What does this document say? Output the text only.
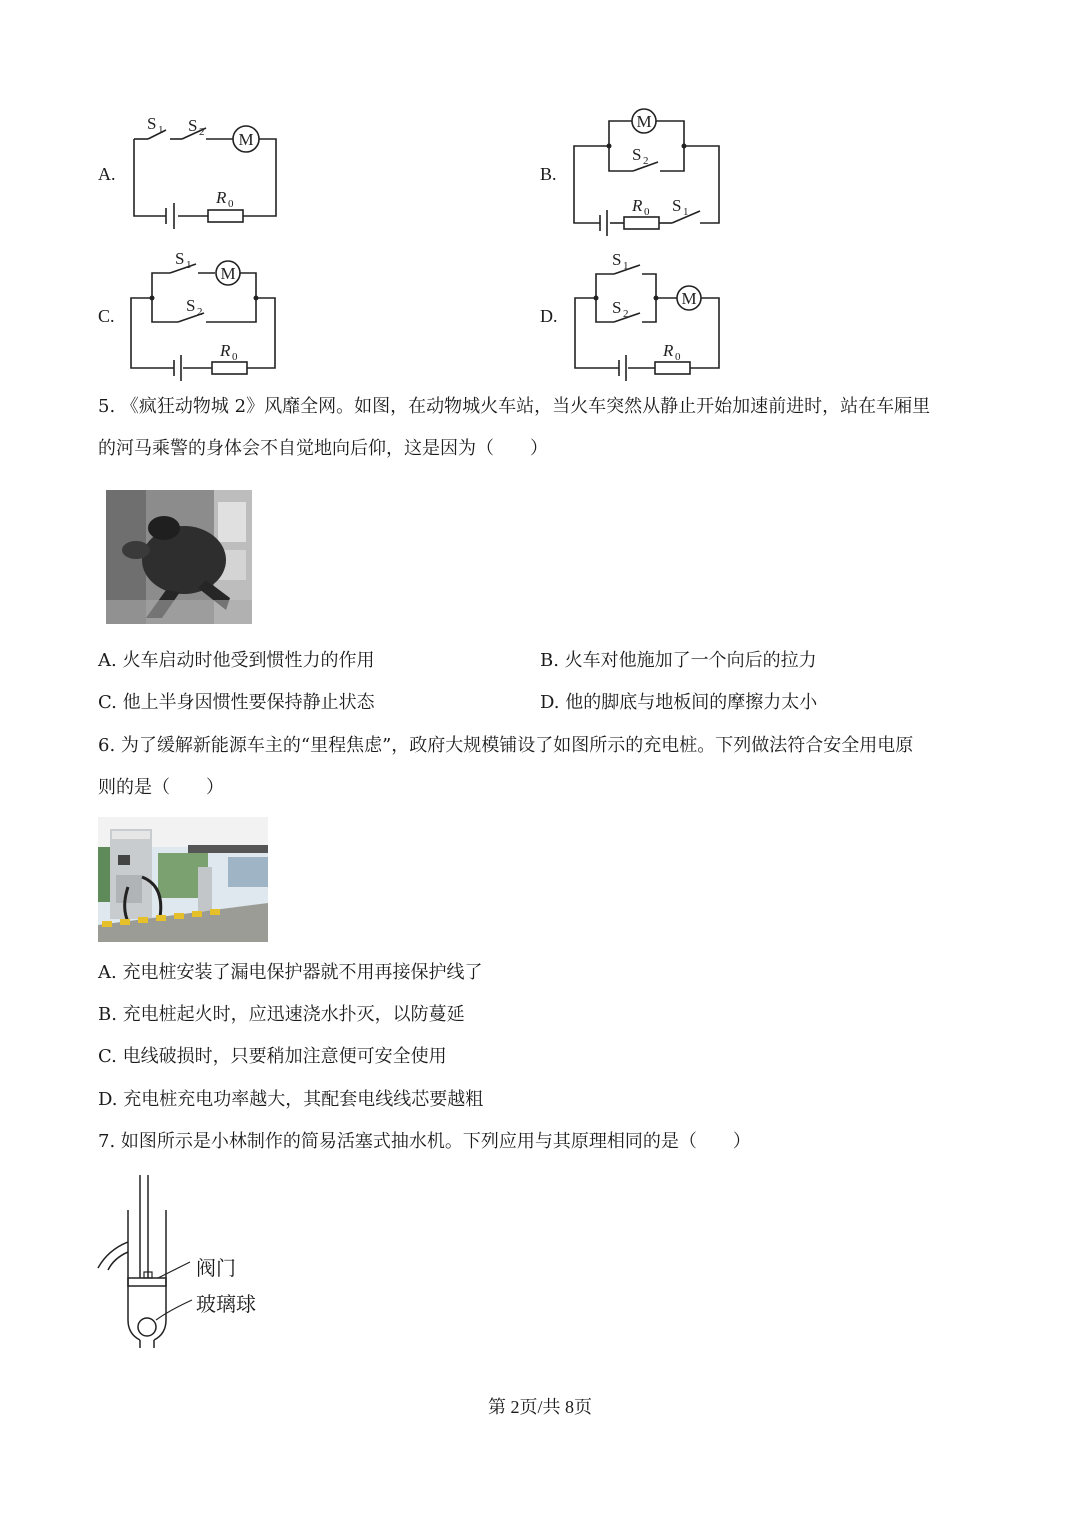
A.	B.
C.	D.
M
S 1 S 2
R 0
M
S 2
R 0 S 1
M
S 1
S 2
R 0
S 1
S 2
M
R 0
5. 《疯狂动物城 2》风靡全网。如图，在动物城火车站，当火车突然从静止开始加速前进时，站在车厢里
的河马乘警的身体会不自觉地向后仰，这是因为（　　）
A. 火车启动时他受到惯性力的作用	B. 火车对他施加了一个向后的拉力
C. 他上半身因惯性要保持静止状态	D. 他的脚底与地板间的摩擦力太小
6. 为了缓解新能源车主的“里程焦虑”，政府大规模铺设了如图所示的充电桩。下列做法符合安全用电原
则的是（　　）
A. 充电桩安装了漏电保护器就不用再接保护线了
B. 充电桩起火时，应迅速浇水扑灭，以防蔓延
C. 电线破损时，只要稍加注意便可安全使用
D. 充电桩充电功率越大，其配套电线线芯要越粗
7. 如图所示是小林制作的简易活塞式抽水机。下列应用与其原理相同的是（　　）
阀门
玻璃球
第 2页/共 8页
